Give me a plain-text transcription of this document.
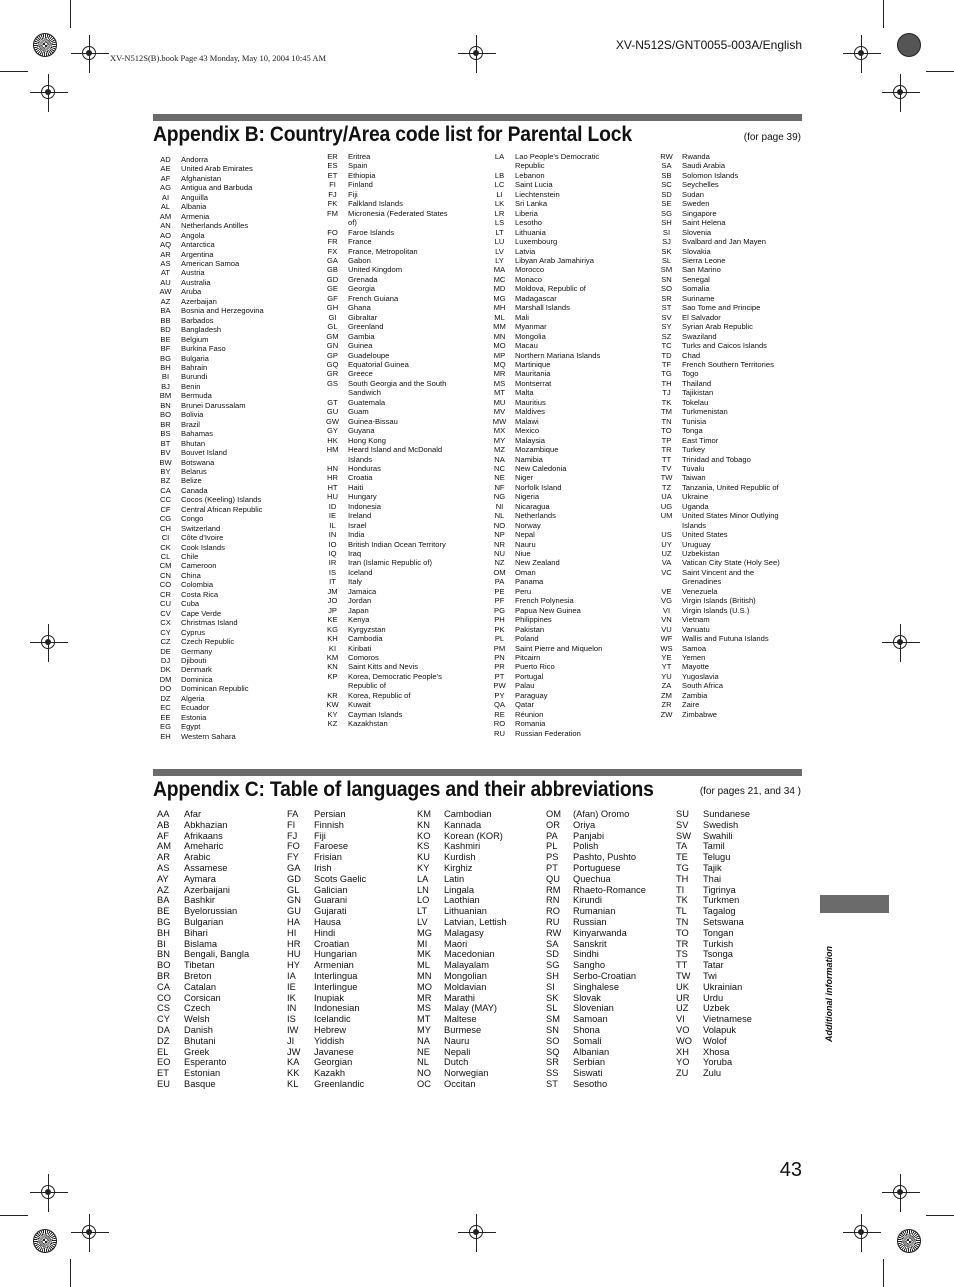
XV-N512S(B).book Page 43 Monday, May 10, 2004 10:45 AM
XV-N512S/GNT0055-003A/English
Appendix B: Country/Area code list for Parental Lock	(for page 39)
AD	Andorra
AE	United Arab Emirates
AF	Afghanistan
AG	Antigua and Barbuda
AI	Anguilla
AL	Albania
AM	Armenia
AN	Netherlands Antilles
AO	Angola
AQ	Antarctica
AR	Argentina
AS	American Samoa
AT	Austria
AU	Australia
AW	Aruba
AZ	Azerbaijan
BA	Bosnia and Herzegovina
BB	Barbados
BD	Bangladesh
BE	Belgium
BF	Burkina Faso
BG	Bulgaria
BH	Bahrain
BI	Burundi
BJ	Benin
BM	Bermuda
BN	Brunei Darussalam
BO	Bolivia
BR	Brazil
BS	Bahamas
BT	Bhutan
BV	Bouvet Island
BW	Botswana
BY	Belarus
BZ	Belize
CA	Canada
CC	Cocos (Keeling) Islands
CF	Central African Republic
CG	Congo
CH	Switzerland
CI	Côte d'Ivoire
CK	Cook Islands
CL	Chile
CM	Cameroon
CN	China
CO	Colombia
CR	Costa Rica
CU	Cuba
CV	Cape Verde
CX	Christmas Island
CY	Cyprus
CZ	Czech Republic
DE	Germany
DJ	Djibouti
DK	Denmark
DM	Dominica
DO	Dominican Republic
DZ	Algeria
EC	Ecuador
EE	Estonia
EG	Egypt
EH	Western Sahara
ER	Eritrea
ES	Spain
ET	Ethiopia
FI	Finland
FJ	Fiji
FK	Falkland Islands
FM	Micronesia (Federated States
of)
FO	Faroe Islands
FR	France
FX	France, Metropolitan
GA	Gabon
GB	United Kingdom
GD	Grenada
GE	Georgia
GF	French Guiana
GH	Ghana
GI	Gibraltar
GL	Greenland
GM	Gambia
GN	Guinea
GP	Guadeloupe
GQ	Equatorial Guinea
GR	Greece
GS	South Georgia and the South
Sandwich
GT	Guatemala
GU	Guam
GW	Guinea-Bissau
GY	Guyana
HK	Hong Kong
HM	Heard Island and McDonald
Islands
HN	Honduras
HR	Croatia
HT	Haiti
HU	Hungary
ID	Indonesia
IE	Ireland
IL	Israel
IN	India
IO	British Indian Ocean Territory
IQ	Iraq
IR	Iran (Islamic Republic of)
IS	Iceland
IT	Italy
JM	Jamaica
JO	Jordan
JP	Japan
KE	Kenya
KG	Kyrgyzstan
KH	Cambodia
KI	Kiribati
KM	Comoros
KN	Saint Kitts and Nevis
KP	Korea, Democratic People's
Republic of
KR	Korea, Republic of
KW	Kuwait
KY	Cayman Islands
KZ	Kazakhstan
LA	Lao People's Democratic
Republic
LB	Lebanon
LC	Saint Lucia
LI	Liechtenstein
LK	Sri Lanka
LR	Liberia
LS	Lesotho
LT	Lithuania
LU	Luxembourg
LV	Latvia
LY	Libyan Arab Jamahiriya
MA	Morocco
MC	Monaco
MD	Moldova, Republic of
MG	Madagascar
MH	Marshall Islands
ML	Mali
MM	Myanmar
MN	Mongolia
MO	Macau
MP	Northern Mariana Islands
MQ	Martinique
MR	Mauritania
MS	Montserrat
MT	Malta
MU	Mauritius
MV	Maldives
MW	Malawi
MX	Mexico
MY	Malaysia
MZ	Mozambique
NA	Namibia
NC	New Caledonia
NE	Niger
NF	Norfolk Island
NG	Nigeria
NI	Nicaragua
NL	Netherlands
NO	Norway
NP	Nepal
NR	Nauru
NU	Niue
NZ	New Zealand
OM	Oman
PA	Panama
PE	Peru
PF	French Polynesia
PG	Papua New Guinea
PH	Philippines
PK	Pakistan
PL	Poland
PM	Saint Pierre and Miquelon
PN	Pitcairn
PR	Puerto Rico
PT	Portugal
PW	Palau
PY	Paraguay
QA	Qatar
RE	Réunion
RO	Romania
RU	Russian Federation
RW	Rwanda
SA	Saudi Arabia
SB	Solomon Islands
SC	Seychelles
SD	Sudan
SE	Sweden
SG	Singapore
SH	Saint Helena
SI	Slovenia
SJ	Svalbard and Jan Mayen
SK	Slovakia
SL	Sierra Leone
SM	San Marino
SN	Senegal
SO	Somalia
SR	Suriname
ST	Sao Tome and Principe
SV	El Salvador
SY	Syrian Arab Republic
SZ	Swaziland
TC	Turks and Caicos Islands
TD	Chad
TF	French Southern Territories
TG	Togo
TH	Thailand
TJ	Tajikistan
TK	Tokelau
TM	Turkmenistan
TN	Tunisia
TO	Tonga
TP	East Timor
TR	Turkey
TT	Trinidad and Tobago
TV	Tuvalu
TW	Taiwan
TZ	Tanzania, United Republic of
UA	Ukraine
UG	Uganda
UM	United States Minor Outlying
Islands
US	United States
UY	Uruguay
UZ	Uzbekistan
VA	Vatican City State (Holy See)
VC	Saint Vincent and the
Grenadines
VE	Venezuela
VG	Virgin Islands (British)
VI	Virgin Islands (U.S.)
VN	Vietnam
VU	Vanuatu
WF	Wallis and Futuna Islands
WS	Samoa
YE	Yemen
YT	Mayotte
YU	Yugoslavia
ZA	South Africa
ZM	Zambia
ZR	Zaire
ZW	Zimbabwe
Appendix C: Table of languages and their abbreviations	(for pages 21, and 34 )
AA	Afar
AB	Abkhazian
AF	Afrikaans
AM	Ameharic
AR	Arabic
AS	Assamese
AY	Aymara
AZ	Azerbaijani
BA	Bashkir
BE	Byelorussian
BG	Bulgarian
BH	Bihari
BI	Bislama
BN	Bengali, Bangla
BO	Tibetan
BR	Breton
CA	Catalan
CO	Corsican
CS	Czech
CY	Welsh
DA	Danish
DZ	Bhutani
EL	Greek
EO	Esperanto
ET	Estonian
EU	Basque
FA	Persian
FI	Finnish
FJ	Fiji
FO	Faroese
FY	Frisian
GA	Irish
GD	Scots Gaelic
GL	Galician
GN	Guarani
GU	Gujarati
HA	Hausa
HI	Hindi
HR	Croatian
HU	Hungarian
HY	Armenian
IA	Interlingua
IE	Interlingue
IK	Inupiak
IN	Indonesian
IS	Icelandic
IW	Hebrew
JI	Yiddish
JW	Javanese
KA	Georgian
KK	Kazakh
KL	Greenlandic
KM	Cambodian
KN	Kannada
KO	Korean (KOR)
KS	Kashmiri
KU	Kurdish
KY	Kirghiz
LA	Latin
LN	Lingala
LO	Laothian
LT	Lithuanian
LV	Latvian, Lettish
MG	Malagasy
MI	Maori
MK	Macedonian
ML	Malayalam
MN	Mongolian
MO	Moldavian
MR	Marathi
MS	Malay (MAY)
MT	Maltese
MY	Burmese
NA	Nauru
NE	Nepali
NL	Dutch
NO	Norwegian
OC	Occitan
OM	(Afan) Oromo
OR	Oriya
PA	Panjabi
PL	Polish
PS	Pashto, Pushto
PT	Portuguese
QU	Quechua
RM	Rhaeto-Romance
RN	Kirundi
RO	Rumanian
RU	Russian
RW	Kinyarwanda
SA	Sanskrit
SD	Sindhi
SG	Sangho
SH	Serbo-Croatian
SI	Singhalese
SK	Slovak
SL	Slovenian
SM	Samoan
SN	Shona
SO	Somali
SQ	Albanian
SR	Serbian
SS	Siswati
ST	Sesotho
SU	Sundanese
SV	Swedish
SW	Swahili
TA	Tamil
TE	Telugu
TG	Tajik
TH	Thai
TI	Tigrinya
TK	Turkmen
TL	Tagalog
TN	Setswana
TO	Tongan
TR	Turkish
TS	Tsonga
TT	Tatar
TW	Twi
UK	Ukrainian
UR	Urdu
UZ	Uzbek
VI	Vietnamese
VO	Volapuk
WO	Wolof
XH	Xhosa
YO	Yoruba
ZU	Zulu
Additional information
43
